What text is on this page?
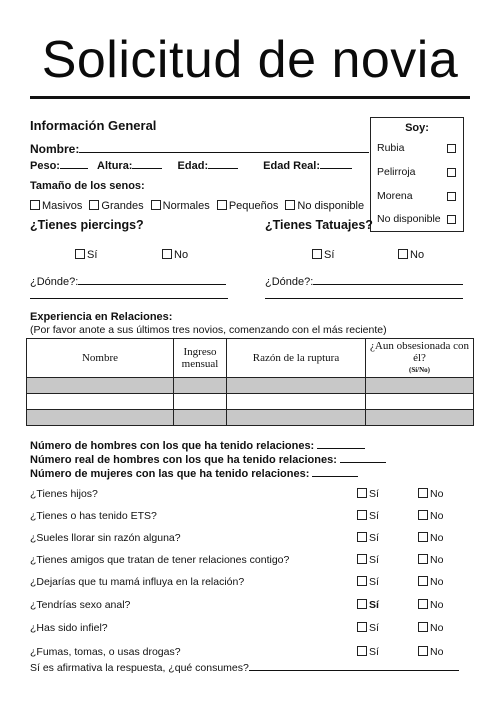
Solicitud de novia
Información General
Nombre:
Peso:	Altura:	Edad:	Edad Real:
Tamaño de los senos:
Masivos Grandes Normales Pequeños No disponible
Soy:
Rubia
Pelirroja
Morena
No disponible
¿Tienes piercings?	¿Tienes Tatuajes?
Sí	No	Sí	No
¿Dónde?:	¿Dónde?:
Experiencia en Relaciones:
(Por favor anote a sus últimos tres novios, comenzando con el más reciente)
Nombre	Ingreso mensual	Razón de la ruptura	¿Aun obsesionada con él?
(Sí/No)

Número de hombres con los que ha tenido relaciones:
Número real de hombres con los que ha tenido relaciones:
Número de mujeres con las que ha tenido relaciones:
¿Tienes hijos?	Sí	No
¿Tienes o has tenido ETS?	Sí	No
¿Sueles llorar sin razón alguna?	Sí	No
¿Tienes amigos que tratan de tener relaciones contigo?	Sí	No
¿Dejarías que tu mamá influya en la relación?	Sí	No
¿Tendrías sexo anal?	Sí	No
¿Has sido infiel?	Sí	No
¿Fumas, tomas, o usas drogas?	Sí	No
Sí es afirmativa la respuesta, ¿qué consumes?
